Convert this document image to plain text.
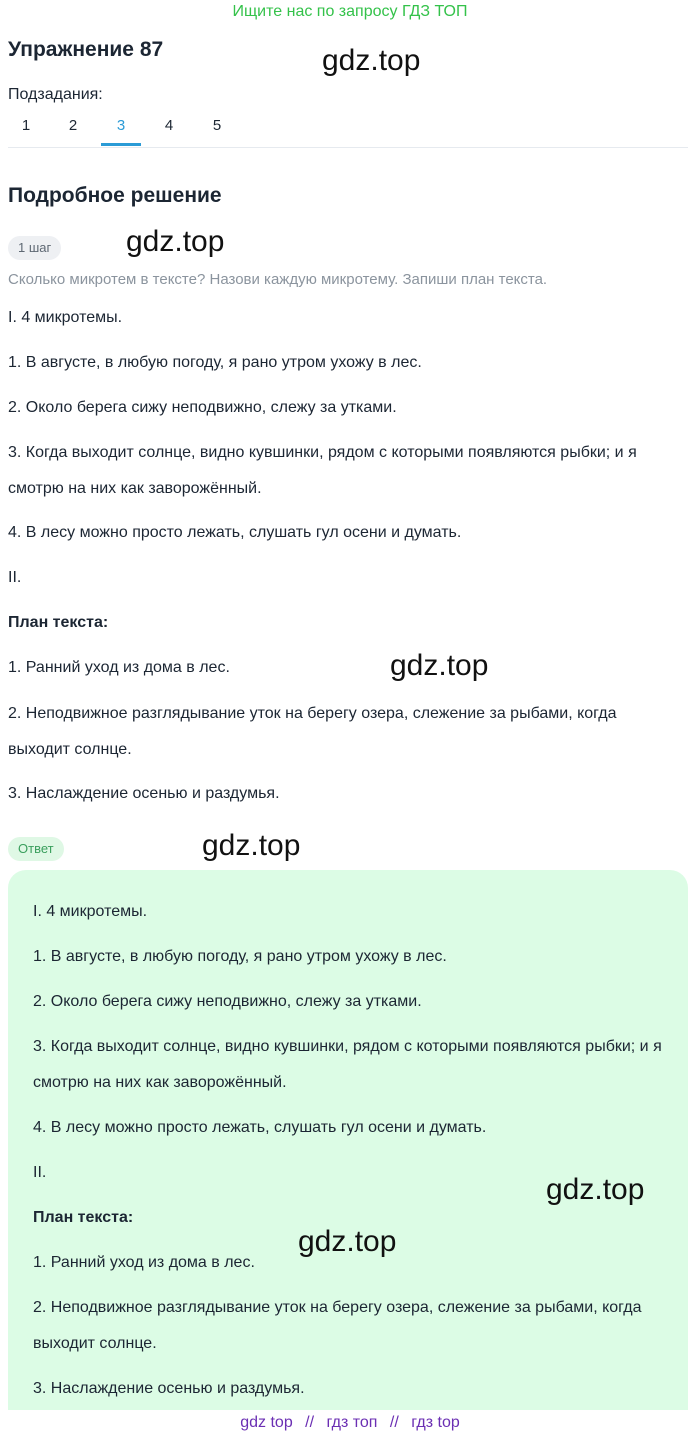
Ищите нас по запросу ГДЗ ТОП
Упражнение 87	gdz.top
Подзадания:
1	2	3	4	5
Подробное решение
1 шаг	gdz.top
Сколько микротем в тексте? Назови каждую микротему. Запиши план текста.
I. 4 микротемы.
1. В августе, в любую погоду, я рано утром ухожу в лес.
2. Около берега сижу неподвижно, слежу за утками.
3. Когда выходит солнце, видно кувшинки, рядом с которыми появляются рыбки; и я смотрю на них как заворожённый.
4. В лесу можно просто лежать, слушать гул осени и думать.
II.
План текста:
1. Ранний уход из дома в лес.	gdz.top
2. Неподвижное разглядывание уток на берегу озера, слежение за рыбами, когда выходит солнце.
3. Наслаждение осенью и раздумья.
Ответ	gdz.top
I. 4 микротемы.
1. В августе, в любую погоду, я рано утром ухожу в лес.
2. Около берега сижу неподвижно, слежу за утками.
3. Когда выходит солнце, видно кувшинки, рядом с которыми появляются рыбки; и я смотрю на них как заворожённый.
4. В лесу можно просто лежать, слушать гул осени и думать.
II.
gdz.top
План текста:
gdz.top
1. Ранний уход из дома в лес.
2. Неподвижное разглядывание уток на берегу озера, слежение за рыбами, когда выходит солнце.
3. Наслаждение осенью и раздумья.
gdz top // гдз топ // гдз top
